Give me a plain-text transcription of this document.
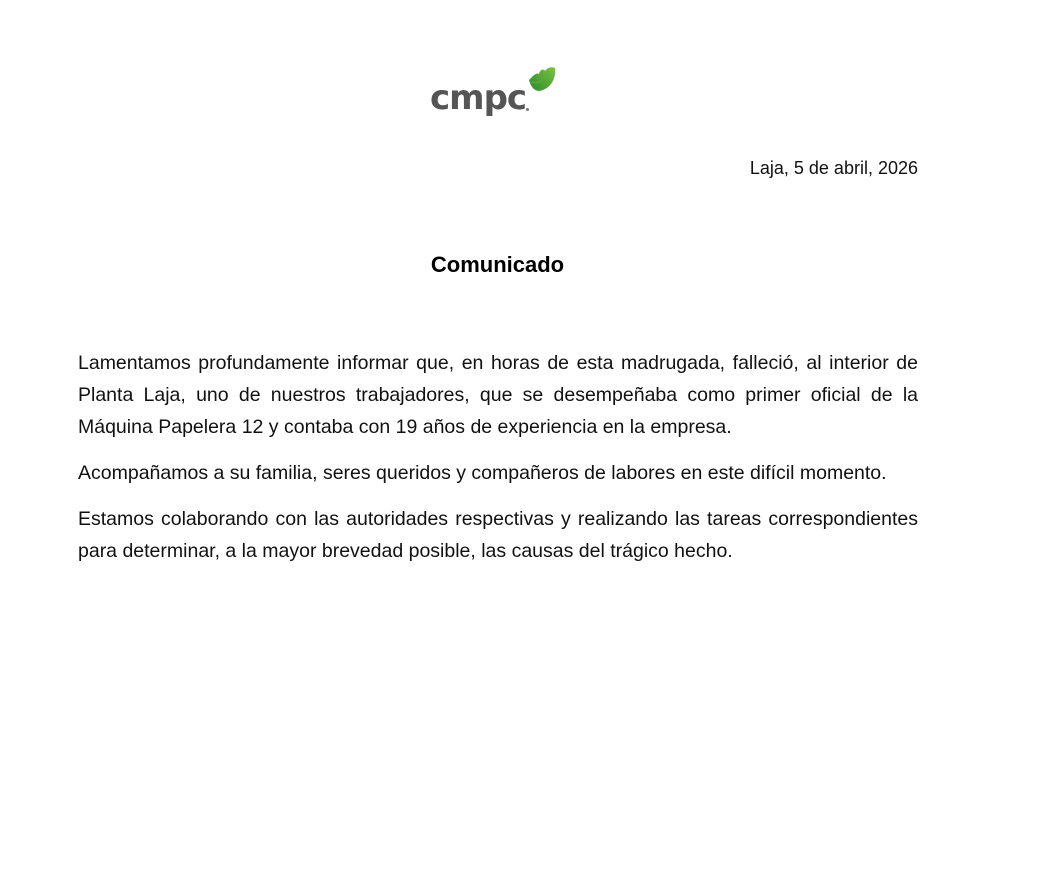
cmpc
Laja, 5 de abril, 2026
Comunicado

Lamentamos profundamente informar que, en horas de esta madrugada, falleció, al interior de Planta Laja, uno de nuestros trabajadores, que se desempeñaba como primer oficial de la Máquina Papelera 12 y contaba con 19 años de experiencia en la empresa.

Acompañamos a su familia, seres queridos y compañeros de labores en este difícil momento.

Estamos colaborando con las autoridades respectivas y realizando las tareas correspondientes para determinar, a la mayor brevedad posible, las causas del trágico hecho.
